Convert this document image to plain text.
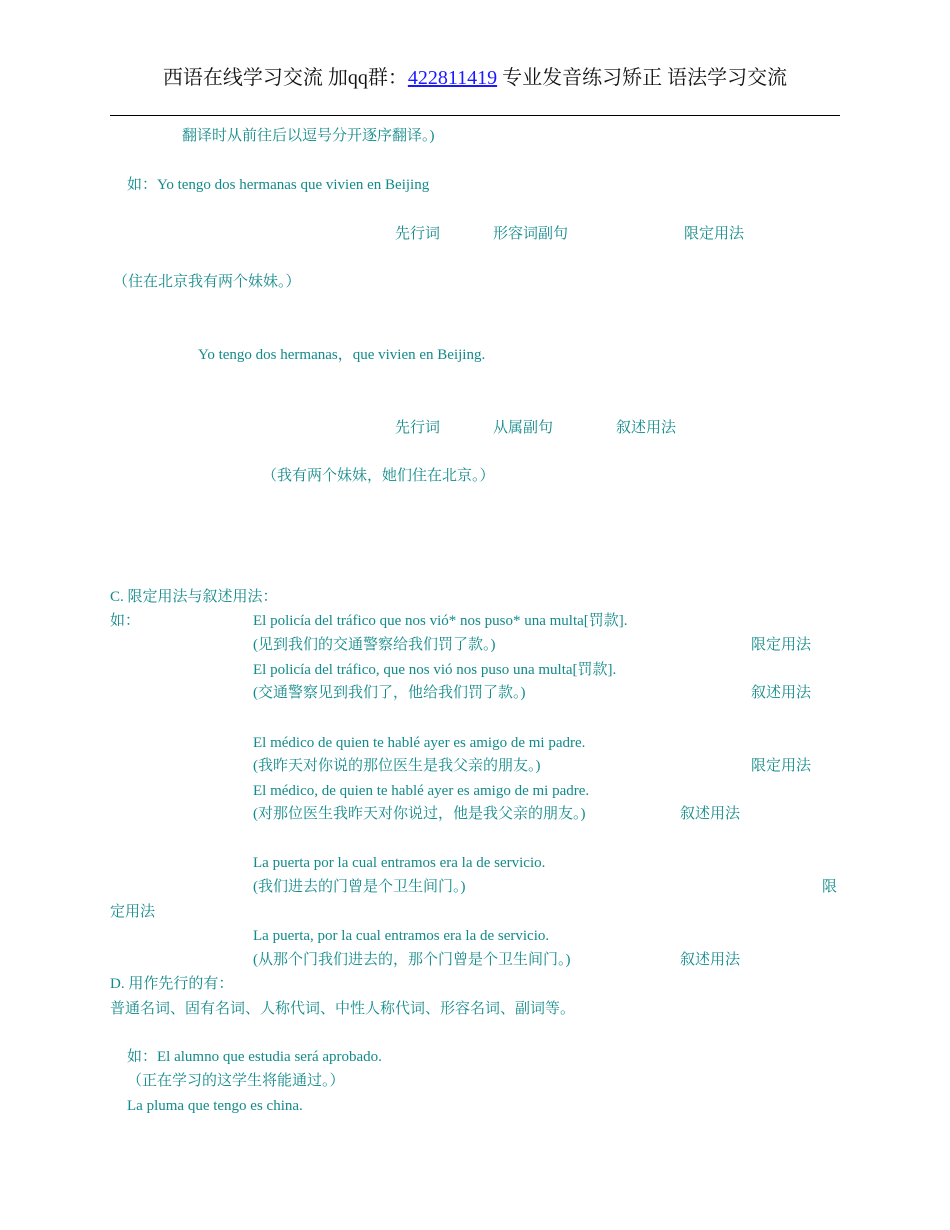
西语在线学习交流 加qq群：422811419 专业发音练习矫正 语法学习交流
翻译时从前往后以逗号分开逐序翻译。)
如：Yo tengo dos hermanas que vivien en Beijing
先行词	形容词副句	限定用法
（住在北京我有两个妹妹。）
Yo tengo dos hermanas，que vivien en Beijing.
先行词	从属副句	叙述用法
（我有两个妹妹，她们住在北京。）
C. 限定用法与叙述用法：
如：	El policía del tráfico que nos vió* nos puso* una multa[罚款].
(见到我们的交通警察给我们罚了款。)	限定用法
El policía del tráfico, que nos vió nos puso una multa[罚款].
(交通警察见到我们了，他给我们罚了款。)	叙述用法
El médico de quien te hablé ayer es amigo de mi padre.
(我昨天对你说的那位医生是我父亲的朋友。)	限定用法
El médico, de quien te hablé ayer es amigo de mi padre.
(对那位医生我昨天对你说过，他是我父亲的朋友。)	叙述用法
La puerta por la cual entramos era la de servicio.
(我们进去的门曾是个卫生间门。)	限
定用法
La puerta, por la cual entramos era la de servicio.
(从那个门我们进去的，那个门曾是个卫生间门。)	叙述用法
D. 用作先行的有：
普通名词、固有名词、人称代词、中性人称代词、形容名词、副词等。
如：El alumno que estudia será aprobado.
（正在学习的这学生将能通过。）
La pluma que tengo es china.
